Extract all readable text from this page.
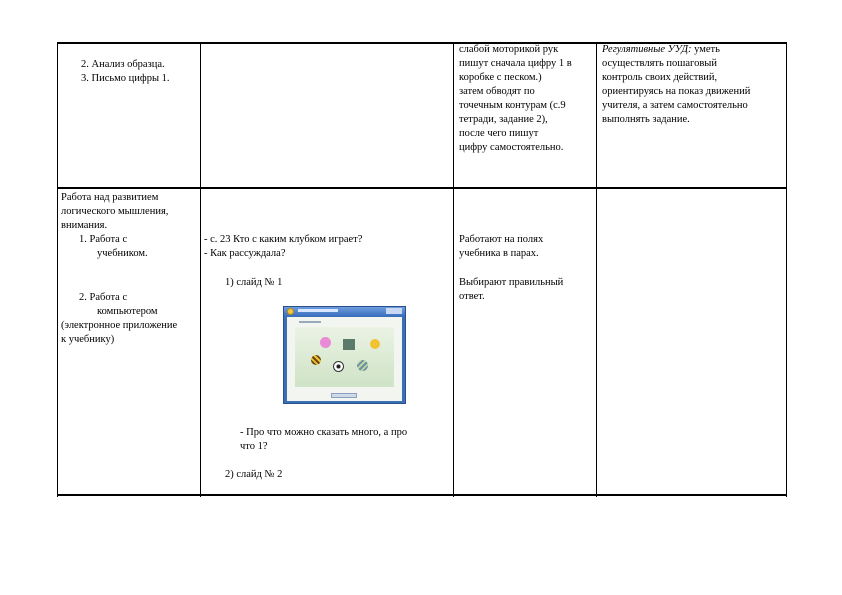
2. Анализ образца.
3. Письмо цифры 1.
слабой моторикой рук
пишут сначала цифру 1 в
коробке с песком.)
затем обводят по
точечным контурам (с.9
тетради, задание 2),
после чего пишут
цифру самостоятельно.
Регулятивные УУД: уметь
осуществлять пошаговый
контроль своих действий,
ориентируясь на показ движений
учителя, а затем самостоятельно
выполнять задание.
Работа над развитием
логического мышления,
внимания.
1. Работа с
учебником.
2. Работа с
компьютером
(электронное приложение
к учебнику)
- с. 23 Кто с каким клубком играет?
- Как рассуждала?
1) слайд № 1
- Про что можно сказать много, а про
что 1?
2) слайд № 2
Работают на полях
учебника в парах.
Выбирают правильный
ответ.
